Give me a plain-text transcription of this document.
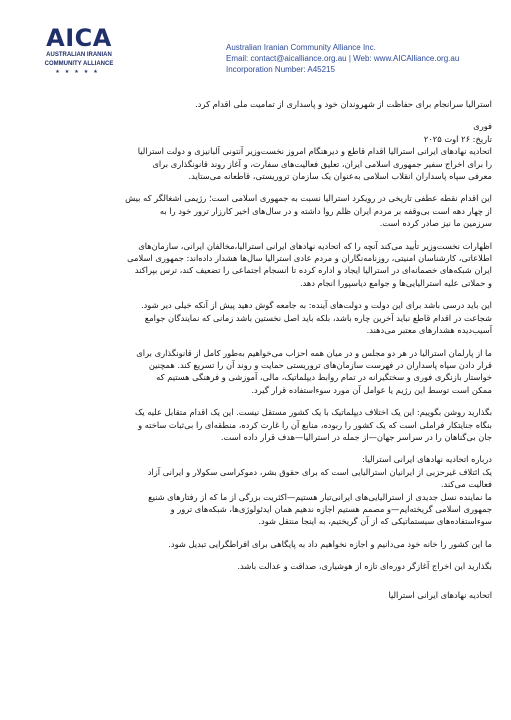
AICA
AUSTRALIAN IRANIAN
COMMUNITY ALLIANCE
★★★★★
Australian Iranian Community Alliance Inc.
Email: contact@aicalliance.org.au | Web: www.AICAlliance.org.au
Incorporation Number: A45215

استرالیا سرانجام برای حفاظت از شهروندان خود و پاسداری از تمامیت ملی اقدام کرد.

فوری

تاریخ: ۲۶ اوت ۲۰۲۵

اتحادیه نهادهای ایرانی استرالیا اقدام قاطع و دیرهنگام امروز نخست‌وزیر آنتونی آلبانیزی و دولت استرالیا

را برای اخراج سفیر جمهوری اسلامی ایران، تعلیق فعالیت‌های سفارت، و آغاز روند قانونگذاری برای

معرفی سپاه پاسداران انقلاب اسلامی به‌عنوان یک سازمان تروریستی، قاطعانه می‌ستاید.

این اقدام نقطه عطفی تاریخی در رویکرد استرالیا نسبت به جمهوری اسلامی است؛ رژیمی اشغالگر که بیش

از چهار دهه است بی‌وقفه بر مردم ایران ظلم روا داشته و در سال‌های اخیر کارزار ترور خود را به

سرزمین ما نیز صادر کرده است.

اظهارات نخست‌وزیر تأیید می‌کند آنچه را که اتحادیه نهادهای ایرانی استرالیا،مخالفان ایرانی، سازمان‌های

اطلاعاتی، کارشناسان امنیتی، روزنامه‌نگاران و مردم عادی استرالیا سال‌ها هشدار داده‌اند: جمهوری اسلامی

ایران شبکه‌های خصمانه‌ای در استرالیا ایجاد و اداره کرده تا انسجام اجتماعی را تضعیف کند، ترس بپراکند

و حملاتی علیه استرالیایی‌ها و جوامع دیاسپورا انجام دهد.

این باید درسی باشد برای این دولت و دولت‌های آینده: به جامعه گوش دهید پیش از آنکه خیلی دیر شود.

شجاعت در اقدام قاطع نباید آخرین چاره باشد، بلکه باید اصل نخستین باشد زمانی که نمایندگان جوامع

آسیب‌دیده هشدارهای معتبر می‌دهند.

ما از پارلمان استرالیا در هر دو مجلس و در میان همه احزاب می‌خواهیم به‌طور کامل از قانونگذاری برای

قرار دادن سپاه پاسداران در فهرست سازمان‌های تروریستی حمایت و روند آن را تسریع کند. همچنین

خواستار بازنگری فوری و سختگیرانه در تمام روابط دیپلماتیک، مالی، آموزشی و فرهنگی هستیم که

ممکن است توسط این رژیم یا عوامل آن مورد سوءاستفاده قرار گیرد.

بگذارید روشن بگوییم: این یک اختلاف دیپلماتیک با یک کشور مستقل نیست. این یک اقدام متقابل علیه یک

بنگاه جنایتکار فراملی است که یک کشور را ربوده، منابع آن را غارت کرده، منطقه‌ای را بی‌ثبات ساخته و

جان بی‌گناهان را در سراسر جهان—از جمله در استرالیا—هدف قرار داده است.

درباره اتحادیه نهادهای ایرانی استرالیا:

یک ائتلاف غیرحزبی از ایرانیان استرالیایی است که برای حقوق بشر، دموکراسی سکولار و ایرانی آزاد

فعالیت می‌کند.

ما نماینده نسل جدیدی از استرالیایی‌های ایرانی‌تبار هستیم—اکثریت بزرگی از ما که از رفتارهای شنیع

جمهوری اسلامی گریخته‌ایم—و مصمم هستیم اجازه ندهیم همان ایدئولوژی‌ها، شبکه‌های ترور و

سوءاستفاده‌های سیستماتیکی که از آن گریختیم، به اینجا منتقل شود.

ما این کشور را خانه خود می‌دانیم و اجازه نخواهیم داد به پایگاهی برای افراطگرایی تبدیل شود.

بگذارید این اخراج آغازگر دوره‌ای تازه از هوشیاری، صداقت و عدالت باشد.

اتحادیه نهادهای ایرانی استرالیا
